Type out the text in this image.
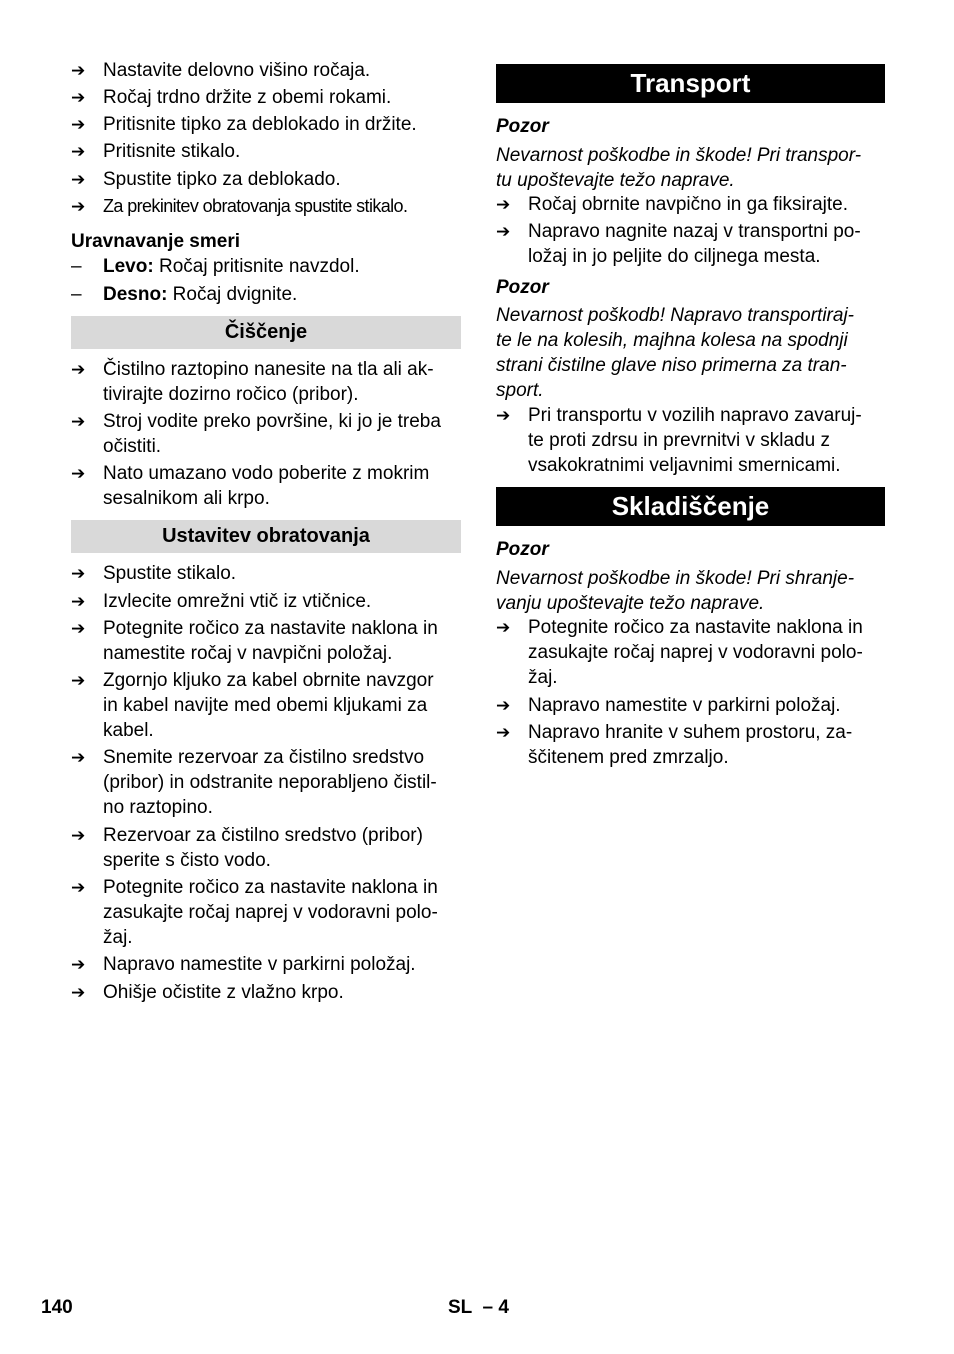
➔ Nastavite delovno višino ročaja.
➔ Ročaj trdno držite z obemi rokami.
➔ Pritisnite tipko za deblokado in držite.
➔ Pritisnite stikalo.
➔ Spustite tipko za deblokado.
➔ Za prekinitev obratovanja spustite stikalo.
Uravnavanje smeri
–	Levo: Ročaj pritisnite navzdol.
–	Desno: Ročaj dvignite.
Čiščenje
➔ Čistilno raztopino nanesite na tla ali ak-
tivirajte dozirno ročico (pribor).
➔ Stroj vodite preko površine, ki jo je treba
očistiti.
➔ Nato umazano vodo poberite z mokrim
sesalnikom ali krpo.
Ustavitev obratovanja
➔ Spustite stikalo.
➔ Izvlecite omrežni vtič iz vtičnice.
➔ Potegnite ročico za nastavite naklona in
namestite ročaj v navpični položaj.
➔ Zgornjo kljuko za kabel obrnite navzgor
in kabel navijte med obemi kljukami za
kabel.
➔ Snemite rezervoar za čistilno sredstvo
(pribor) in odstranite neporabljeno čistil-
no raztopino.
➔ Rezervoar za čistilno sredstvo (pribor)
sperite s čisto vodo.
➔ Potegnite ročico za nastavite naklona in
zasukajte ročaj naprej v vodoravni polo-
žaj.
➔ Napravo namestite v parkirni položaj.
➔ Ohišje očistite z vlažno krpo.
Transport
Pozor
Nevarnost poškodbe in škode! Pri transpor-
tu upoštevajte težo naprave.
➔ Ročaj obrnite navpično in ga fiksirajte.
➔ Napravo nagnite nazaj v transportni po-
ložaj in jo peljite do ciljnega mesta.
Pozor
Nevarnost poškodb! Napravo transportiraj-
te le na kolesih, majhna kolesa na spodnji
strani čistilne glave niso primerna za tran-
sport.
➔ Pri transportu v vozilih napravo zavaruj-
te proti zdrsu in prevrnitvi v skladu z
vsakokratnimi veljavnimi smernicami.
Skladiščenje
Pozor
Nevarnost poškodbe in škode! Pri shranje-
vanju upoštevajte težo naprave.
➔ Potegnite ročico za nastavite naklona in
zasukajte ročaj naprej v vodoravni polo-
žaj.
➔ Napravo namestite v parkirni položaj.
➔ Napravo hranite v suhem prostoru, za-
ščitenem pred zmrzaljo.
140	SL  – 4
